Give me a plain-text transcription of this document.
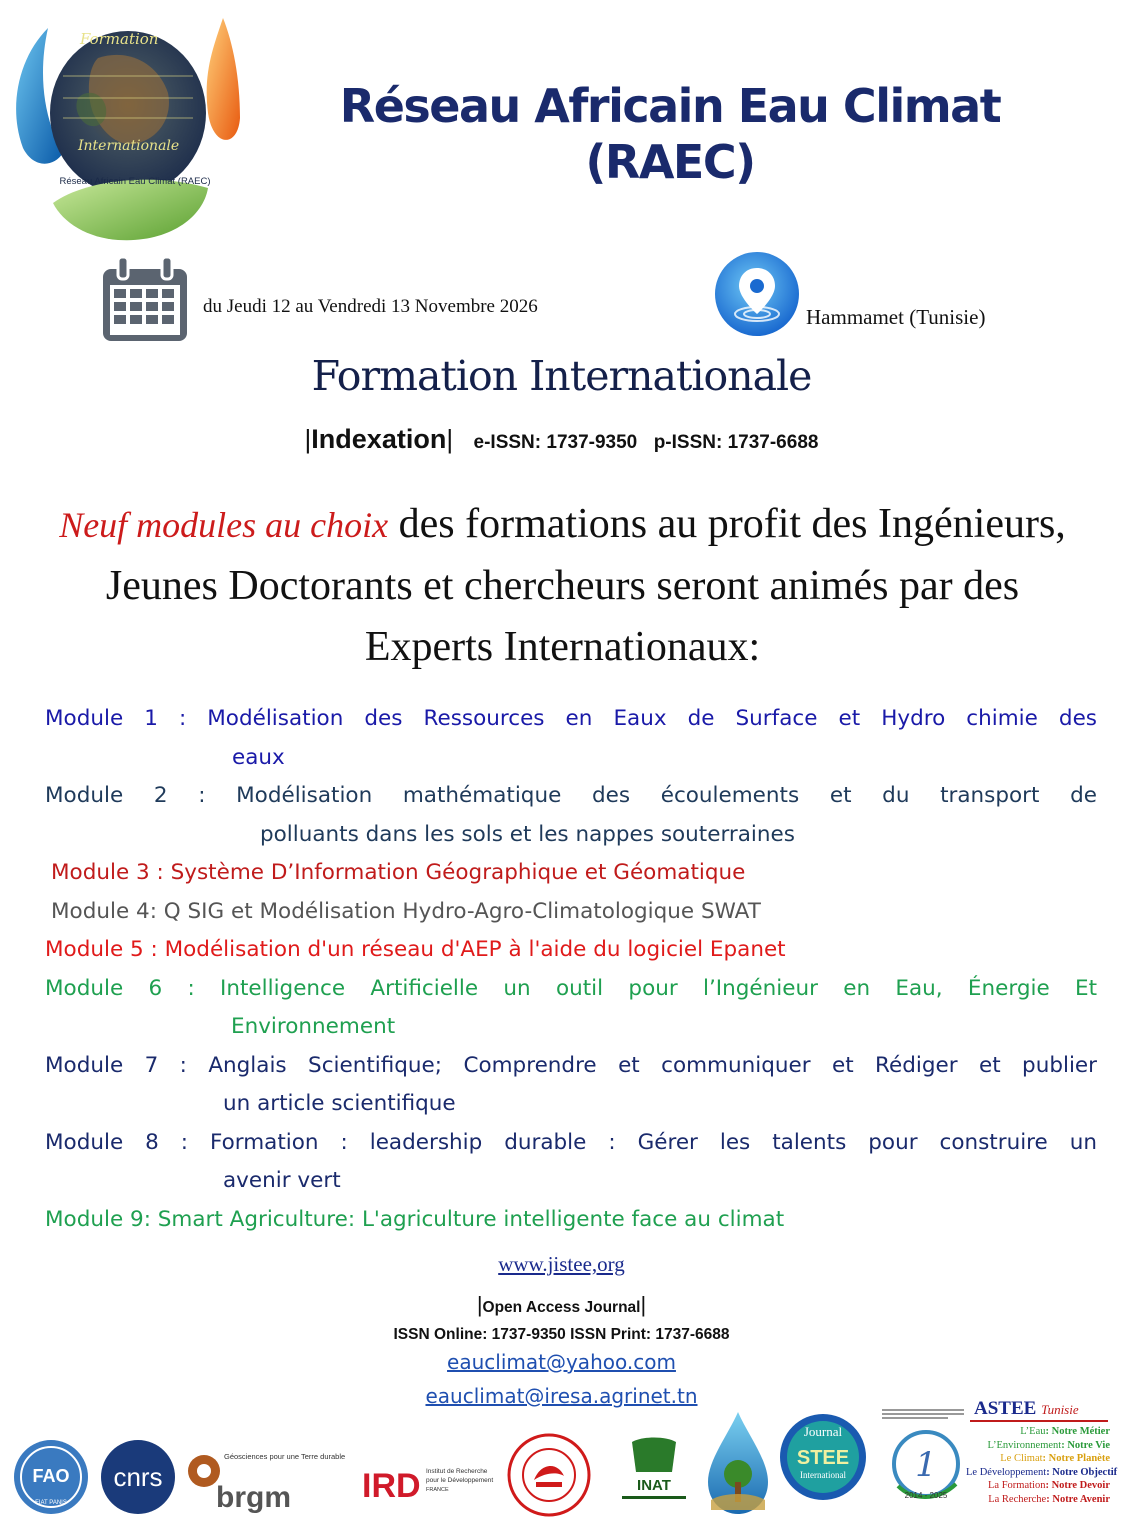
Formation
Internationale
Réseau Africain Eau Climat (RAEC)
Réseau Africain Eau Climat
(RAEC)
du Jeudi 12 au Vendredi 13 Novembre 2026	Hammamet (Tunisie)
Formation Internationale
|Indexation| e-ISSN: 1737-9350 p-ISSN: 1737-6688
Neuf modules au choix des formations au profit des Ingénieurs, Jeunes Doctorants et chercheurs seront animés par des Experts Internationaux:
Module 1 : Modélisation des Ressources en Eaux de Surface et Hydro chimie des
eaux
Module 2 : Modélisation mathématique des écoulements et du transport de
polluants dans les sols et les nappes souterraines
Module 3 : Système D’Information Géographique et Géomatique
Module 4: Q SIG et Modélisation Hydro-Agro-Climatologique SWAT
Module 5 : Modélisation d'un réseau d'AEP à l'aide du logiciel Epanet
Module 6 : Intelligence Artificielle un outil pour l’Ingénieur en Eau, Énergie Et
Environnement
Module 7 : Anglais Scientifique; Comprendre et communiquer et Rédiger et publier
un article scientifique
Module 8 : Formation : leadership durable : Gérer les talents pour construire un
avenir vert
Module 9: Smart Agriculture: L'agriculture intelligente face au climat
www.jistee,org
|Open Access Journal|
ISSN Online: 1737-9350 ISSN Print: 1737-6688
eauclimat@yahoo.com
eauclimat@iresa.agrinet.tn
FAO
FIAT PANIS
cnrs
brgm
Géosciences pour une Terre durable
IRD Institut de Recherche
pour le Développement
FRANCE	INAT
Journal
STEE
International 1
2014 - 2025
ASTEE Tunisie
L’Eau: Notre Métier
L’Environnement: Notre Vie
Le Climat: Notre Planète
Le Développement: Notre Objectif
La Formation: Notre Devoir
La Recherche: Notre Avenir
